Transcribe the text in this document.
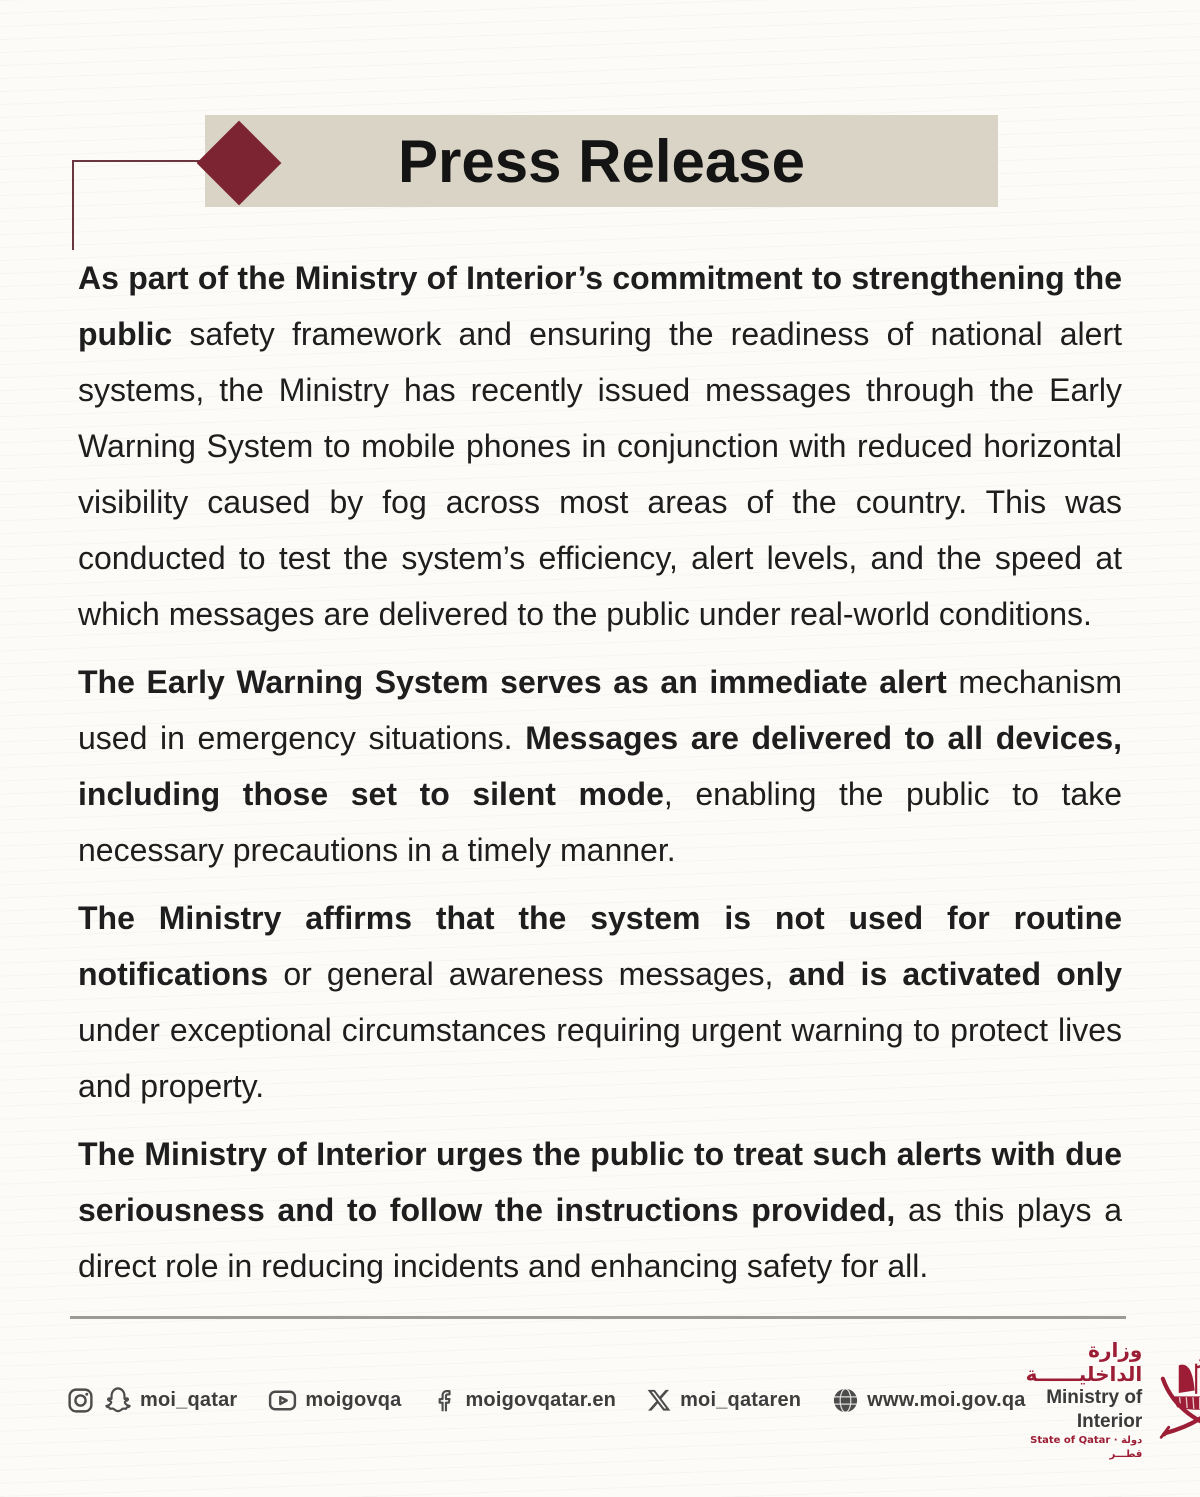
Press Release

As part of the Ministry of Interior’s commitment to strengthening the public safety framework and ensuring the readiness of national alert systems, the Ministry has recently issued messages through the Early Warning System to mobile phones in conjunction with reduced horizontal visibility caused by fog across most areas of the country. This was conducted to test the system’s efficiency, alert levels, and the speed at which messages are delivered to the public under real-world conditions.

The Early Warning System serves as an immediate alert mechanism used in emergency situations. Messages are delivered to all devices, including those set to silent mode, enabling the public to take necessary precautions in a timely manner.

The Ministry affirms that the system is not used for routine notifications or general awareness messages, and is activated only under exceptional circumstances requiring urgent warning to protect lives and property.

The Ministry of Interior urges the public to treat such alerts with due seriousness and to follow the instructions provided, as this plays a direct role in reducing incidents and enhancing safety for all.

moi_qatar	moigovqa	moigovqatar.en	moi_qataren	www.moi.gov.qa
وزارة الداخليــــــة
Ministry of Interior
State of Qatar · دولة قطـــر
